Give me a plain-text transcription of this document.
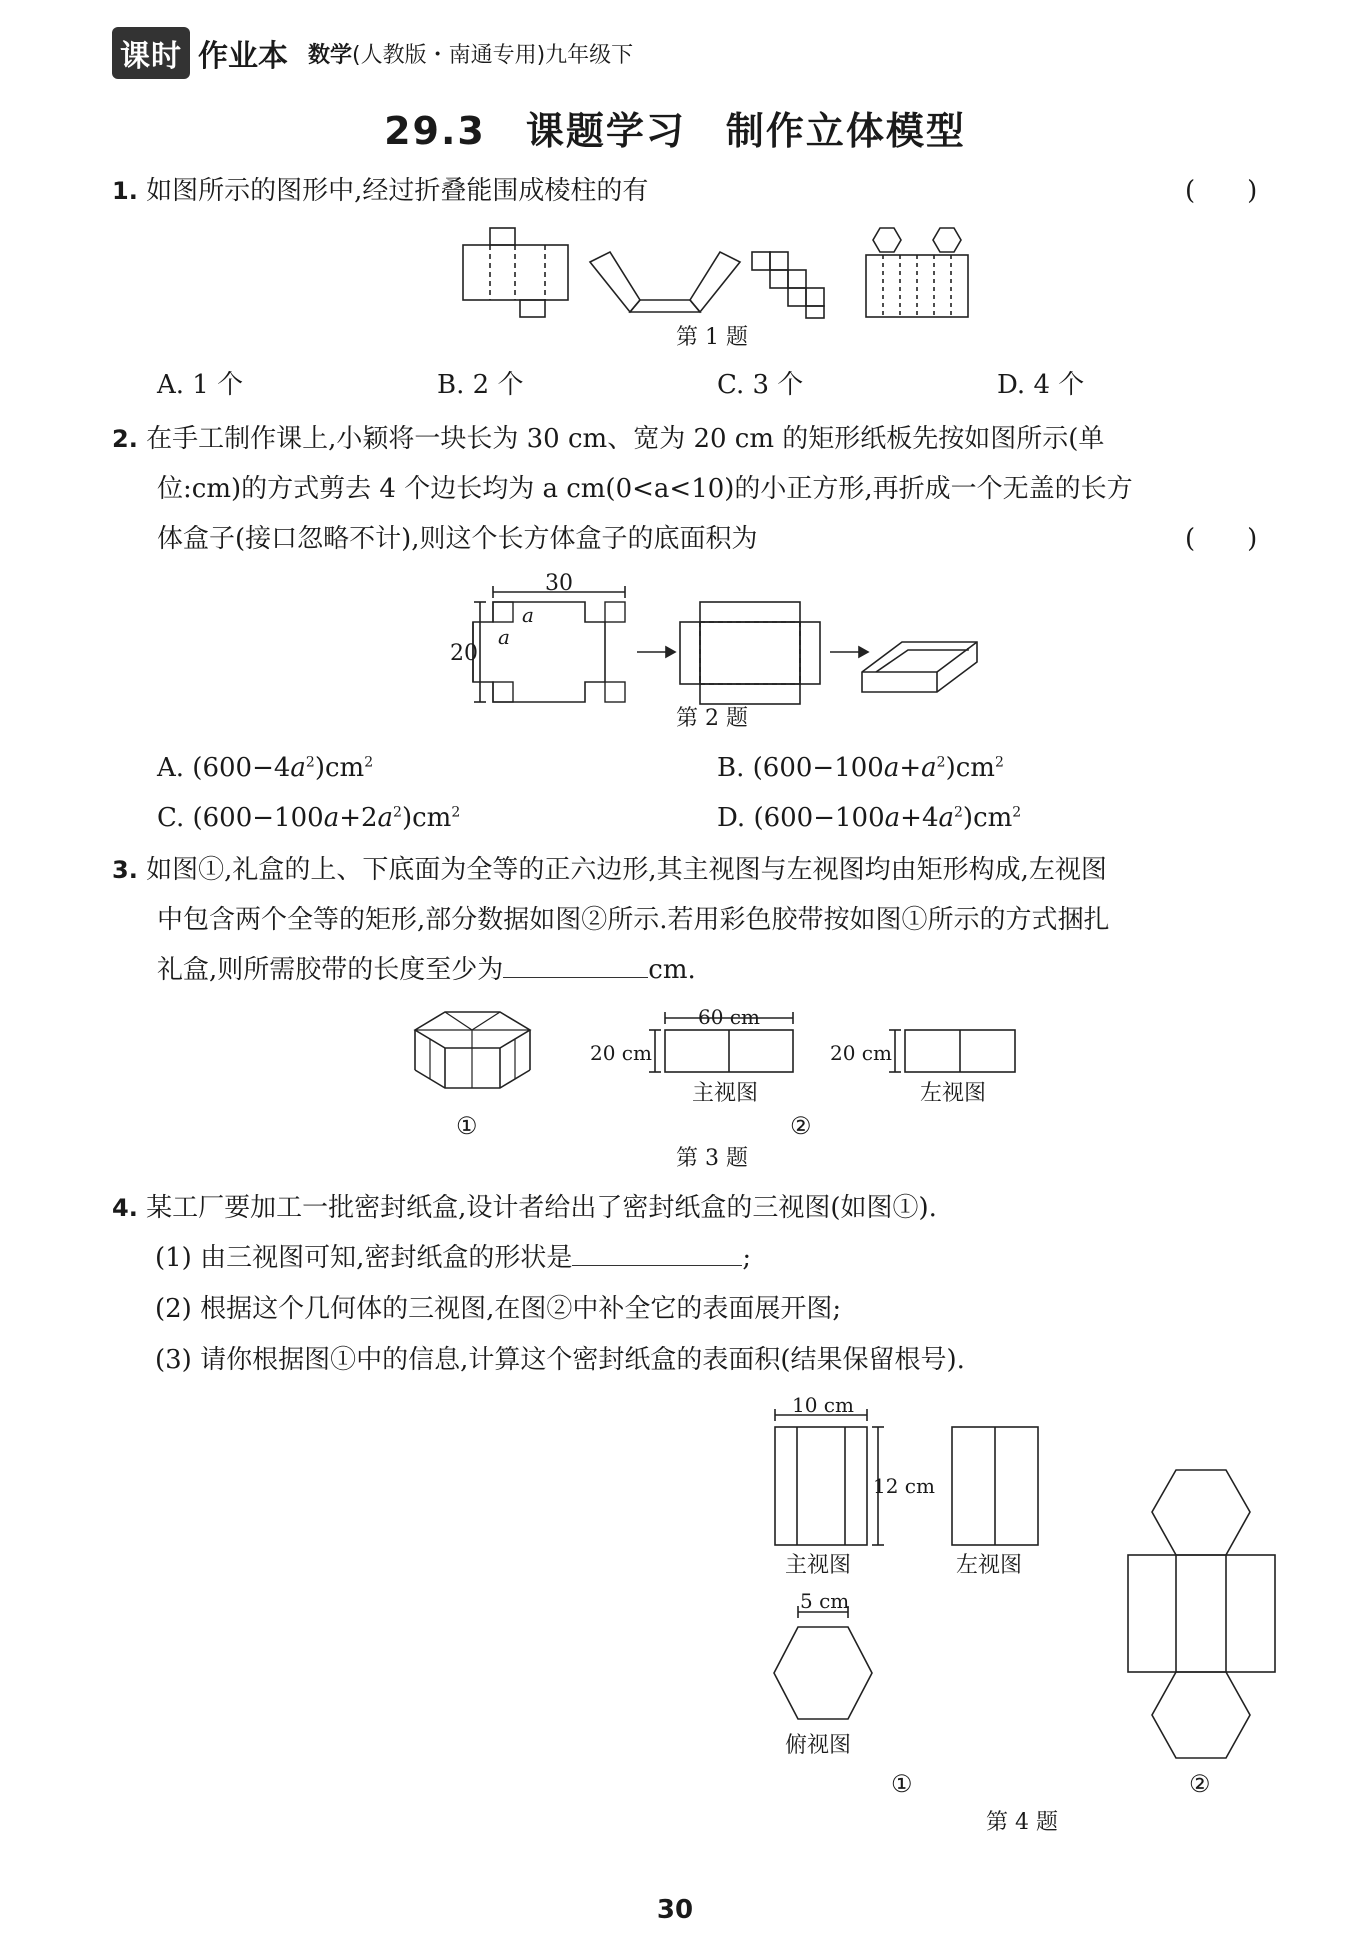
课时 作业本 数学(人教版・南通专用)九年级下
29.3　课题学习　制作立体模型
1. 如图所示的图形中,经过折叠能围成棱柱的有	(　　)
第 1 题
A. 1 个	B. 2 个	C. 3 个	D. 4 个
2. 在手工制作课上,小颖将一块长为 30 cm、宽为 20 cm 的矩形纸板先按如图所示(单
位:cm)的方式剪去 4 个边长均为 a cm(0<a<10)的小正方形,再折成一个无盖的长方
体盒子(接口忽略不计),则这个长方体盒子的底面积为	(　　)
30
20
a
a
第 2 题
A. $(600-4a^2)cm^2$	B. $(600-100a+a^2)cm^2$
C. $(600-100a+2a^2)cm^2$	D. $(600-100a+4a^2)cm^2$
3. 如图①,礼盒的上、下底面为全等的正六边形,其主视图与左视图均由矩形构成,左视图
中包含两个全等的矩形,部分数据如图②所示.若用彩色胶带按如图①所示的方式捆扎
礼盒,则所需胶带的长度至少为	cm.
60 cm
20 cm	20 cm
主视图	左视图
①	②
第 3 题
4. 某工厂要加工一批密封纸盒,设计者给出了密封纸盒的三视图(如图①).
(1) 由三视图可知,密封纸盒的形状是	;
(2) 根据这个几何体的三视图,在图②中补全它的表面展开图;
(3) 请你根据图①中的信息,计算这个密封纸盒的表面积(结果保留根号).
10 cm
12 cm
5 cm
主视图	左视图
俯视图
①	②
第 4 题
30
